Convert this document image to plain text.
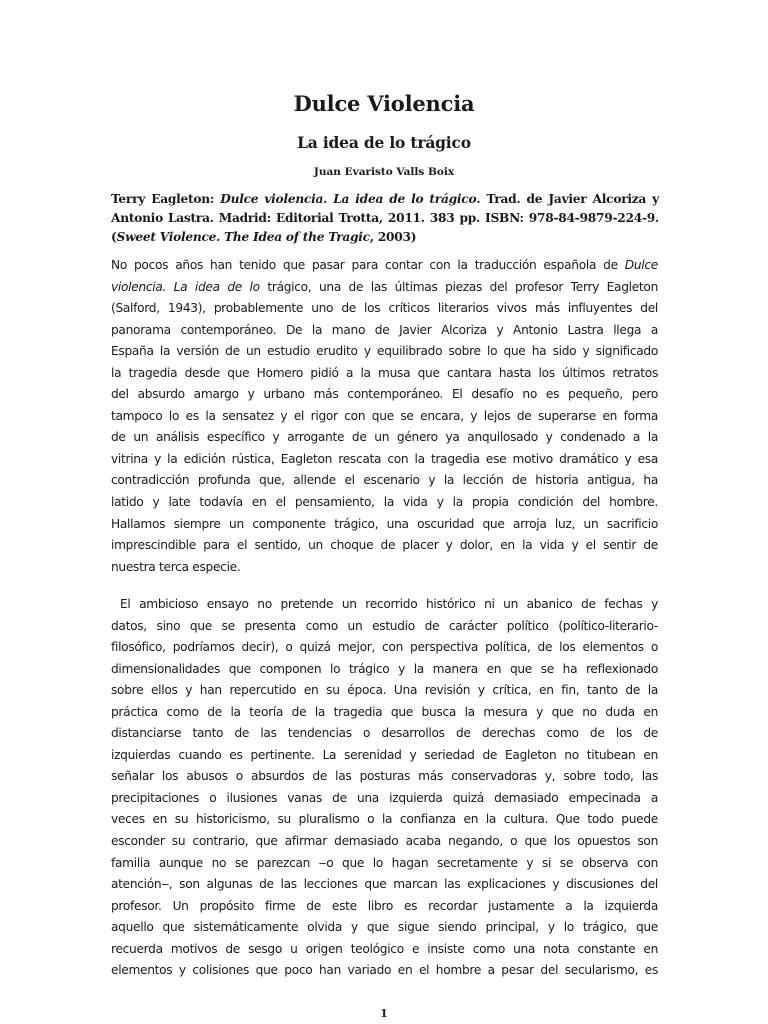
Dulce Violencia
La idea de lo trágico
Juan Evaristo Valls Boix
Terry Eagleton: Dulce violencia. La idea de lo trágico. Trad. de Javier Alcoriza y
Antonio Lastra. Madrid: Editorial Trotta, 2011. 383 pp. ISBN: 978-84-9879-224-9.
(Sweet Violence. The Idea of the Tragic, 2003)
No pocos años han tenido que pasar para contar con la traducción española de Dulce
violencia. La idea de lo trágico, una de las últimas piezas del profesor Terry Eagleton
(Salford, 1943), probablemente uno de los críticos literarios vivos más influyentes del
panorama contemporáneo. De la mano de Javier Alcoriza y Antonio Lastra llega a
España la versión de un estudio erudito y equilibrado sobre lo que ha sido y significado
la tragedia desde que Homero pidió a la musa que cantara hasta los últimos retratos
del absurdo amargo y urbano más contemporáneo. El desafío no es pequeño, pero
tampoco lo es la sensatez y el rigor con que se encara, y lejos de superarse en forma
de un análisis específico y arrogante de un género ya anquilosado y condenado a la
vitrina y la edición rústica, Eagleton rescata con la tragedia ese motivo dramático y esa
contradicción profunda que, allende el escenario y la lección de historia antigua, ha
latido y late todavía en el pensamiento, la vida y la propia condición del hombre.
Hallamos siempre un componente trágico, una oscuridad que arroja luz, un sacrificio
imprescindible para el sentido, un choque de placer y dolor, en la vida y el sentir de
nuestra terca especie.
El ambicioso ensayo no pretende un recorrido histórico ni un abanico de fechas y
datos, sino que se presenta como un estudio de carácter político (político-literario-
filosófico, podríamos decir), o quizá mejor, con perspectiva política, de los elementos o
dimensionalidades que componen lo trágico y la manera en que se ha reflexionado
sobre ellos y han repercutido en su época. Una revisión y crítica, en fin, tanto de la
práctica como de la teoría de la tragedia que busca la mesura y que no duda en
distanciarse tanto de las tendencias o desarrollos de derechas como de los de
izquierdas cuando es pertinente. La serenidad y seriedad de Eagleton no titubean en
señalar los abusos o absurdos de las posturas más conservadoras y, sobre todo, las
precipitaciones o ilusiones vanas de una izquierda quizá demasiado empecinada a
veces en su historicismo, su pluralismo o la confianza en la cultura. Que todo puede
esconder su contrario, que afirmar demasiado acaba negando, o que los opuestos son
familia aunque no se parezcan ‒o que lo hagan secretamente y si se observa con
atención‒, son algunas de las lecciones que marcan las explicaciones y discusiones del
profesor. Un propósito firme de este libro es recordar justamente a la izquierda
aquello que sistemáticamente olvida y que sigue siendo principal, y lo trágico, que
recuerda motivos de sesgo u origen teológico e insiste como una nota constante en
elementos y colisiones que poco han variado en el hombre a pesar del secularismo, es
1
